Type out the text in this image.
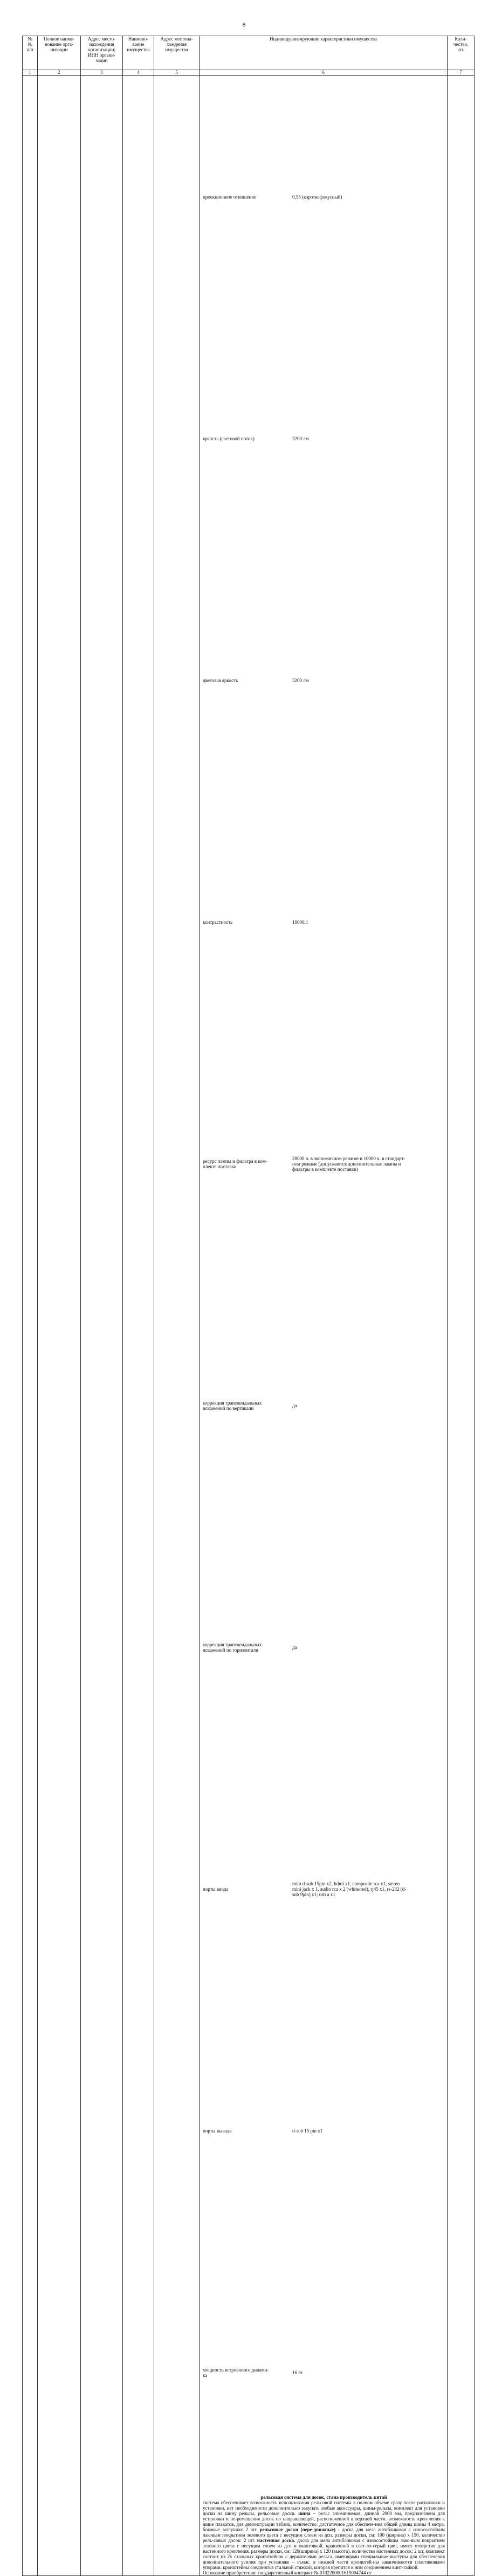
8
№
№
п/п	Полное наиме-
нование орга-
низации	Адрес место-
нахождения
организации;
ИНН органи-
зации	Наимено-
вание
имущества	Адрес местона-
хождения
имущества	Индивидуализирующие характеристики имущества	Коли-
чество,
шт.
1	2	3	4	5	6	7

проекционное отношение	0,55 (короткофокусный)
яркость (световой поток)	3200 лм
цветовая яркость	3200 лм
контрастность	16000:1
ресурс лампы и фильтра в ком-
плекте поставки	20000 ч. в экономичном режиме и 10000 ч. в стандарт-
ном режиме (допускаются дополнительные лампы и
фильтры в комплекте поставки)
коррекция трапецеидальных
искажений по вертикали	да
коррекция трапецеидальных
искажений по горизонтали	да
порты ввода	mini d-sub 15pin x2, hdmi x1, composite rca x1, stereo
mini jack x 1, audio rca x 2 (white/red), rj45 x1, rs-232 (d-
sub 9pin) x1; usb a x1
порты вывода	d-sub 15 pin x1
мощность встроенного динами-
ка	16 вт
рельсовая система для досок, стана производитель китай
система обеспечивает возможность использования рельсовой системы в полном объеме сразу после распаковки и установки, нет необходимости дополнительно закупать любые аксессуары, шины-рельсы, комплект для установки доски на шину рельсы, рельсовые доски. шина – рельс алюминиевая, длиной 2000 мм, предназначена для установки и пе-ремещения досок по направляющей, расположенной в верхней части. возможность креп-ления к шине плакатов, для демонстрации таблиц. количество: достаточное для обеспече-ния общей длины шины 4 метра. боковые заглушки: 2 шт. рельсовые доски (пере-движные) - доска для мела антибликовая с износостойким лаковым покрытием зеленого цвета с несущим слоем из дсп. размеры доски, см: 100 (ширина) х 150. количество рель-совых досок: 2 шт. настенная доска. доска для мела антибликовая с износостойким лако-вым покрытием зеленого цвета с несущим слоем из дсп и окантовкой, крашенной в свет-ло-серый цвет, имеет отверстия для настенного крепления. размеры доски, см: 120(ширина) х 120 (высота). количество настенных досок: 2 шт. комплект состоит из 2х стальных кронштейнов с держателями рельса, имеющими специальные выступы для обеспечения дополнительного усилия при установке – съемс. в нижней части кронштей-ны заканчиваются пластиковыми упорами. кронштейны соединятся стальной стяжкой, которая крепится к ним соединением винт-гайкой.
Основание приобретения: государственный контракт № 0102200001619004744 от
